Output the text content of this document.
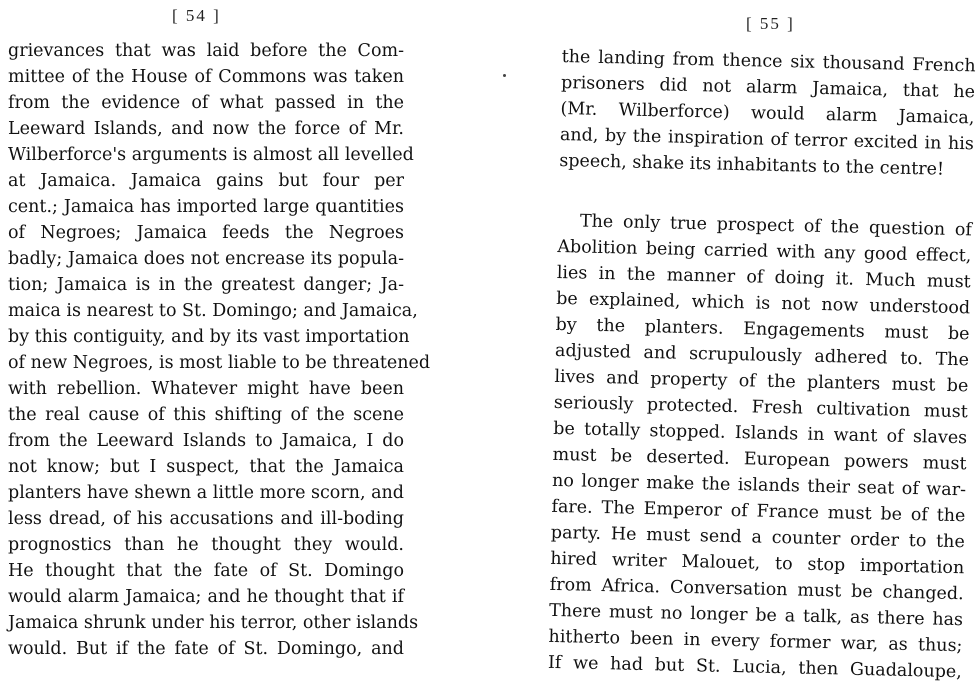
[ 54 ]
grievances that was laid before the Com-
mittee of the House of Commons was taken
from the evidence of what passed in the
Leeward Islands, and now the force of Mr.
Wilberforce's arguments is almost all levelled
at Jamaica. Jamaica gains but four per
cent.; Jamaica has imported large quantities
of Negroes; Jamaica feeds the Negroes
badly; Jamaica does not encrease its popula-
tion; Jamaica is in the greatest danger; Ja-
maica is nearest to St. Domingo; and Jamaica,
by this contiguity, and by its vast importation
of new Negroes, is most liable to be threatened
with rebellion. Whatever might have been
the real cause of this shifting of the scene
from the Leeward Islands to Jamaica, I do
not know; but I suspect, that the Jamaica
planters have shewn a little more scorn, and
less dread, of his accusations and ill-boding
prognostics than he thought they would.
He thought that the fate of St. Domingo
would alarm Jamaica; and he thought that if
Jamaica shrunk under his terror, other islands
would. But if the fate of St. Domingo, and
[ 55 ]
the landing from thence six thousand French
prisoners did not alarm Jamaica, that he
(Mr. Wilberforce) would alarm Jamaica,
and, by the inspiration of terror excited in his
speech, shake its inhabitants to the centre!
The only true prospect of the question of
Abolition being carried with any good effect,
lies in the manner of doing it. Much must
be explained, which is not now understood
by the planters. Engagements must be
adjusted and scrupulously adhered to. The
lives and property of the planters must be
seriously protected. Fresh cultivation must
be totally stopped. Islands in want of slaves
must be deserted. European powers must
no longer make the islands their seat of war-
fare. The Emperor of France must be of the
party. He must send a counter order to the
hired writer Malouet, to stop importation
from Africa. Conversation must be changed.
There must no longer be a talk, as there has
hitherto been in every former war, as thus;
If we had but St. Lucia, then Guadaloupe,
